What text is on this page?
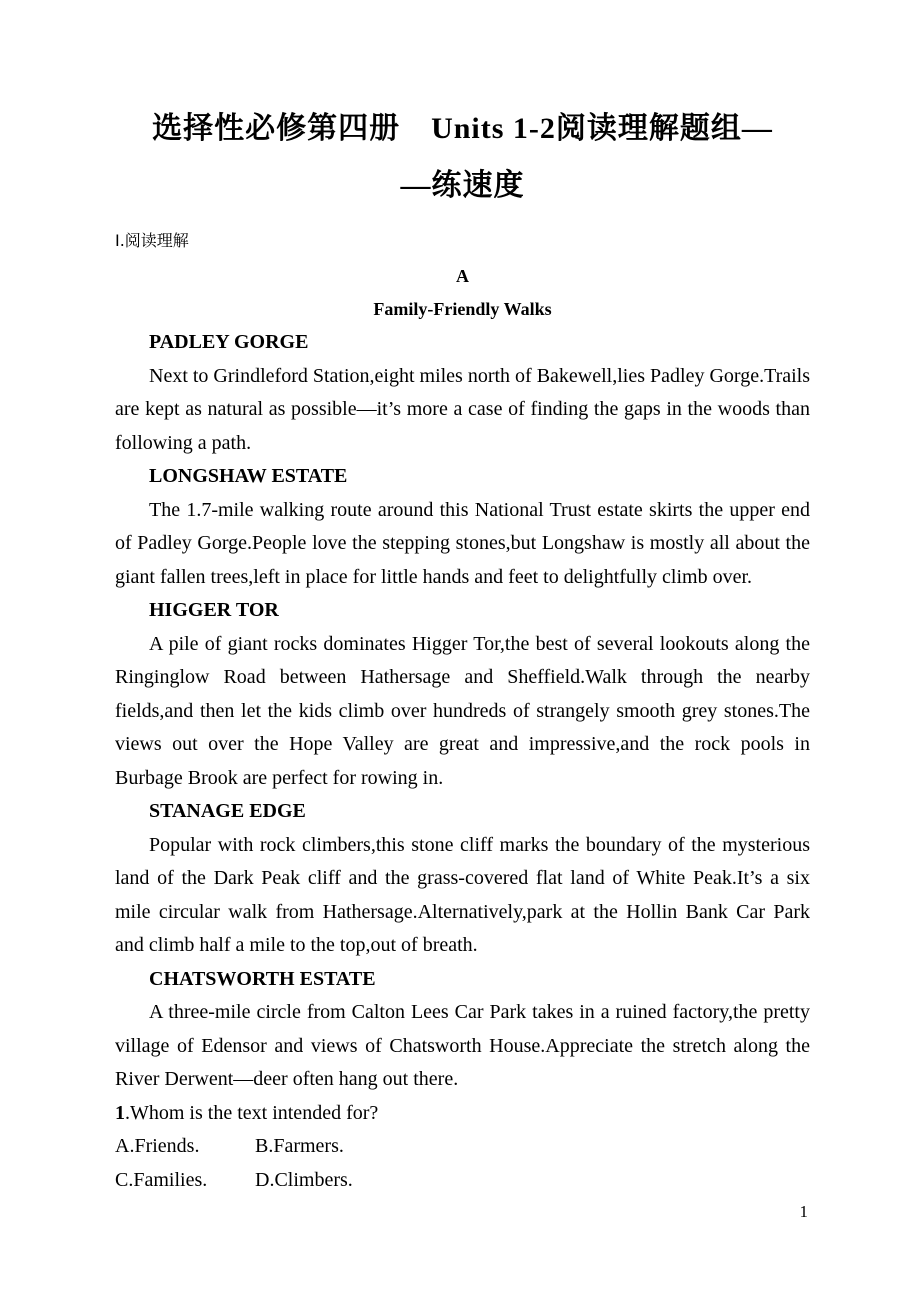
选择性必修第四册　Units 1-2阅读理解题组—
—练速度
Ⅰ.阅读理解
A
Family-Friendly Walks

PADLEY GORGE

Next to Grindleford Station,eight miles north of Bakewell,lies Padley Gorge.Trails are kept as natural as possible—it’s more a case of finding the gaps in the woods than following a path.

LONGSHAW ESTATE

The 1.7-mile walking route around this National Trust estate skirts the upper end of Padley Gorge.People love the stepping stones,but Longshaw is mostly all about the giant fallen trees,left in place for little hands and feet to delightfully climb over.

HIGGER TOR

A pile of giant rocks dominates Higger Tor,the best of several lookouts along the Ringinglow Road between Hathersage and Sheffield.Walk through the nearby fields,and then let the kids climb over hundreds of strangely smooth grey stones.The views out over the Hope Valley are great and impressive,and the rock pools in Burbage Brook are perfect for rowing in.

STANAGE EDGE

Popular with rock climbers,this stone cliff marks the boundary of the mysterious land of the Dark Peak cliff and the grass-covered flat land of White Peak.It’s a six mile circular walk from Hathersage.Alternatively,park at the Hollin Bank Car Park and climb half a mile to the top,out of breath.

CHATSWORTH ESTATE

A three-mile circle from Calton Lees Car Park takes in a ruined factory,the pretty village of Edensor and views of Chatsworth House.Appreciate the stretch along the River Derwent—deer often hang out there.

1.Whom is the text intended for?

A.Friends.	B.Farmers.

C.Families. D.Climbers.

1
